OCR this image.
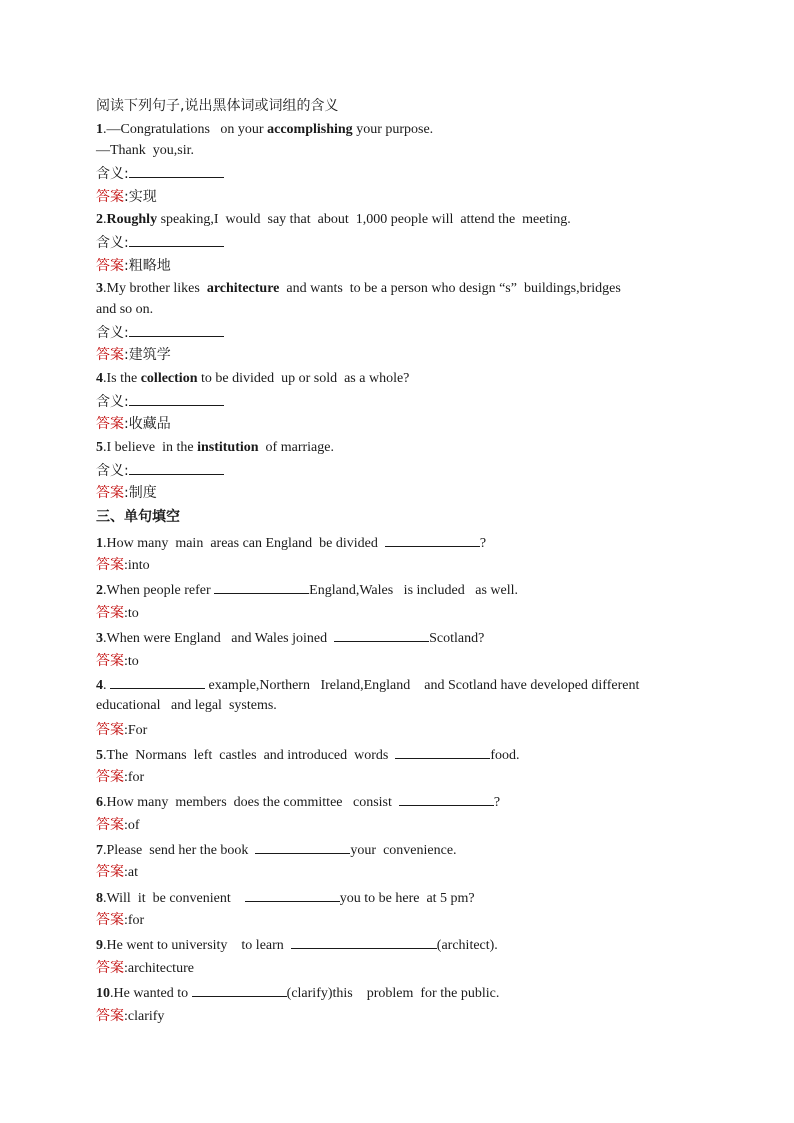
阅读下列句子,说出黑体词或词组的含义

1.—Congratulations   on your accomplishing your purpose.

—Thank  you,sir.

含义:

答案:实现

2.Roughly speaking,I  would  say that  about  1,000 people will  attend the  meeting.

含义:

答案:粗略地

3.My brother likes  architecture  and wants  to be a person who design “s”  buildings,bridges

and so on.

含义:

答案:建筑学

4.Is the collection to be divided  up or sold  as a whole?

含义:

答案:收藏品

5.I believe  in the institution  of marriage.

含义:

答案:制度

三、单句填空

1.How many  main  areas can England  be divided	?

答案:into

2.When people refer	England,Wales   is included   as well.

答案:to

3.When were England   and Wales joined	Scotland?

答案:to

4.	example,Northern   Ireland,England    and Scotland have developed different

educational   and legal  systems.

答案:For

5.The  Normans  left  castles  and introduced  words	food.

答案:for

6.How many  members  does the committee   consist	?

答案:of

7.Please  send her the book	your  convenience.

答案:at

8.Will  it  be convenient	you to be here  at 5 pm?

答案:for

9.He went to university    to learn	(architect).

答案:architecture

10.He wanted to	(clarify)this    problem  for the public.

答案:clarify
